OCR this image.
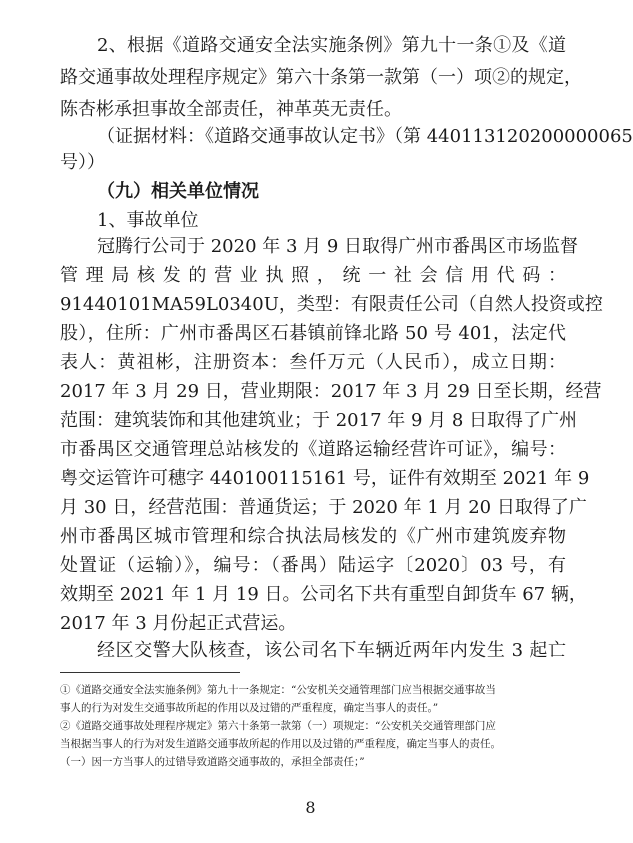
2、根据《道路交通安全法实施条例》第九十一条①及《道
路交通事故处理程序规定》第六十条第一款第（一）项②的规定，
陈杏彬承担事故全部责任，神革英无责任。
（证据材料：《道路交通事故认定书》（第 440113120200000065
号））
（九）相关单位情况
1、事故单位
冠腾行公司于 2020 年 3 月 9 日取得广州市番禺区市场监督
管理局核发的营业执照，统一社会信用代码：
91440101MA59L0340U，类型：有限责任公司（自然人投资或控
股），住所：广州市番禺区石碁镇前锋北路 50 号 401，法定代
表人：黄祖彬，注册资本：叁仟万元（人民币），成立日期：
2017 年 3 月 29 日，营业期限：2017 年 3 月 29 日至长期，经营
范围：建筑装饰和其他建筑业；于 2017 年 9 月 8 日取得了广州
市番禺区交通管理总站核发的《道路运输经营许可证》，编号：
粤交运管许可穗字 440100115161 号，证件有效期至 2021 年 9
月 30 日，经营范围：普通货运；于 2020 年 1 月 20 日取得了广
州市番禺区城市管理和综合执法局核发的《广州市建筑废弃物
处置证（运输）》，编号：（番禺）陆运字〔2020〕03 号，有
效期至 2021 年 1 月 19 日。公司名下共有重型自卸货车 67 辆，
2017 年 3 月份起正式营运。
经区交警大队核查，该公司名下车辆近两年内发生 3 起亡
①《道路交通安全法实施条例》第九十一条规定：“公安机关交通管理部门应当根据交通事故当
事人的行为对发生交通事故所起的作用以及过错的严重程度，确定当事人的责任。”
②《道路交通事故处理程序规定》第六十条第一款第（一）项规定：“公安机关交通管理部门应
当根据当事人的行为对发生道路交通事故所起的作用以及过错的严重程度，确定当事人的责任。
（一）因一方当事人的过错导致道路交通事故的，承担全部责任；”
8
